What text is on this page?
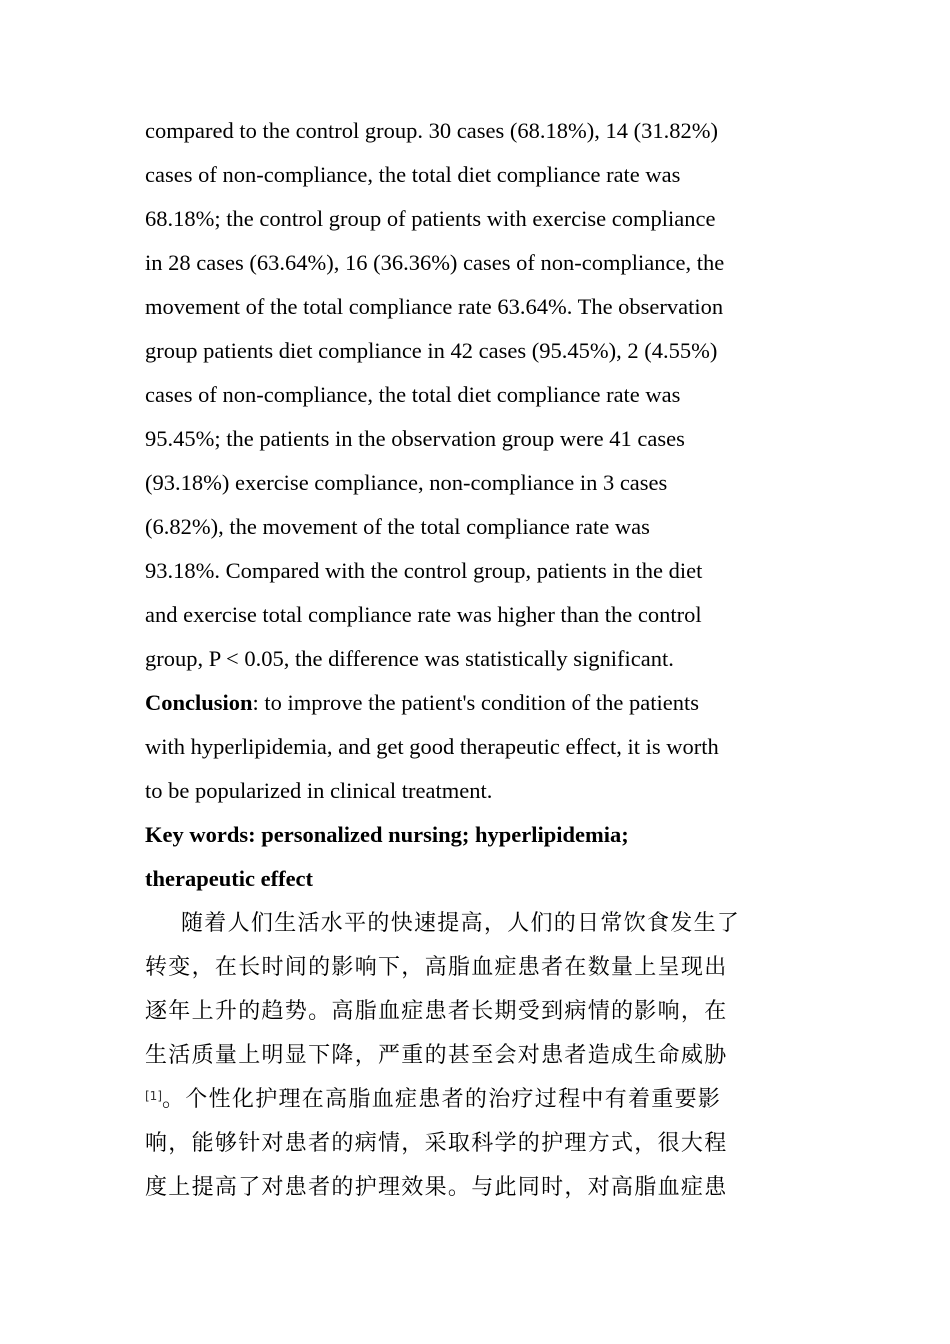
compared to the control group. 30 cases (68.18%), 14 (31.82%)
cases of non-compliance, the total diet compliance rate was
68.18%; the control group of patients with exercise compliance
in 28 cases (63.64%), 16 (36.36%) cases of non-compliance, the
movement of the total compliance rate 63.64%. The observation
group patients diet compliance in 42 cases (95.45%), 2 (4.55%)
cases of non-compliance, the total diet compliance rate was
95.45%; the patients in the observation group were 41 cases
(93.18%) exercise compliance, non-compliance in 3 cases
(6.82%), the movement of the total compliance rate was
93.18%. Compared with the control group, patients in the diet
and exercise total compliance rate was higher than the control
group, P < 0.05, the difference was statistically significant.
Conclusion: to improve the patient's condition of the patients
with hyperlipidemia, and get good therapeutic effect, it is worth
to be popularized in clinical treatment.
Key words: personalized nursing; hyperlipidemia;
therapeutic effect
随着人们生活水平的快速提高，人们的日常饮食发生了
转变，在长时间的影响下，高脂血症患者在数量上呈现出
逐年上升的趋势。高脂血症患者长期受到病情的影响，在
生活质量上明显下降，严重的甚至会对患者造成生命威胁
[1]。个性化护理在高脂血症患者的治疗过程中有着重要影
响，能够针对患者的病情，采取科学的护理方式，很大程
度上提高了对患者的护理效果。与此同时，对高脂血症患
